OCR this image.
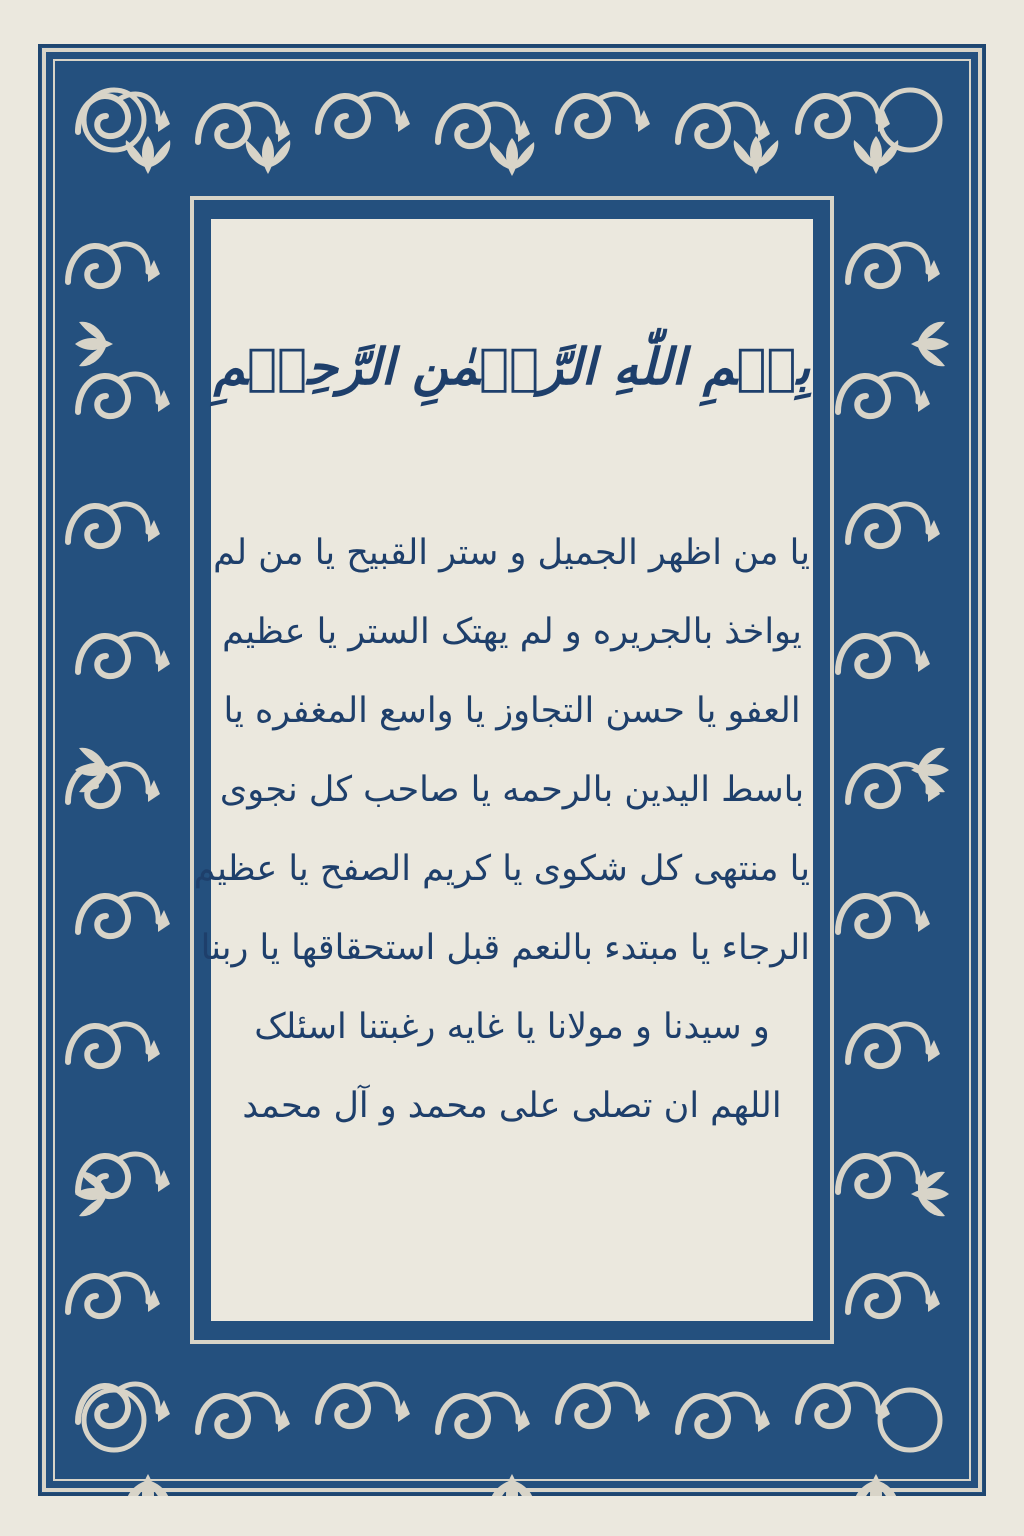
بِسۡمِ اللّٰهِ الرَّحۡمٰنِ الرَّحِيۡمِ
يا من اظهر الجميل و ستر القبيح يا من لم
يواخذ بالجريره و لم يهتک الستر يا عظيم
العفو يا حسن التجاوز يا واسع المغفره يا
باسط اليدين بالرحمه يا صاحب كل نجوى
يا منتهى كل شکوى يا كريم الصفح يا عظيم
الرجاء يا مبتدء بالنعم قبل استحقاقها يا ربنا
و سيدنا و مولانا يا غايه رغبتنا اسئلک
اللهم ان تصلى على محمد و آل محمد
